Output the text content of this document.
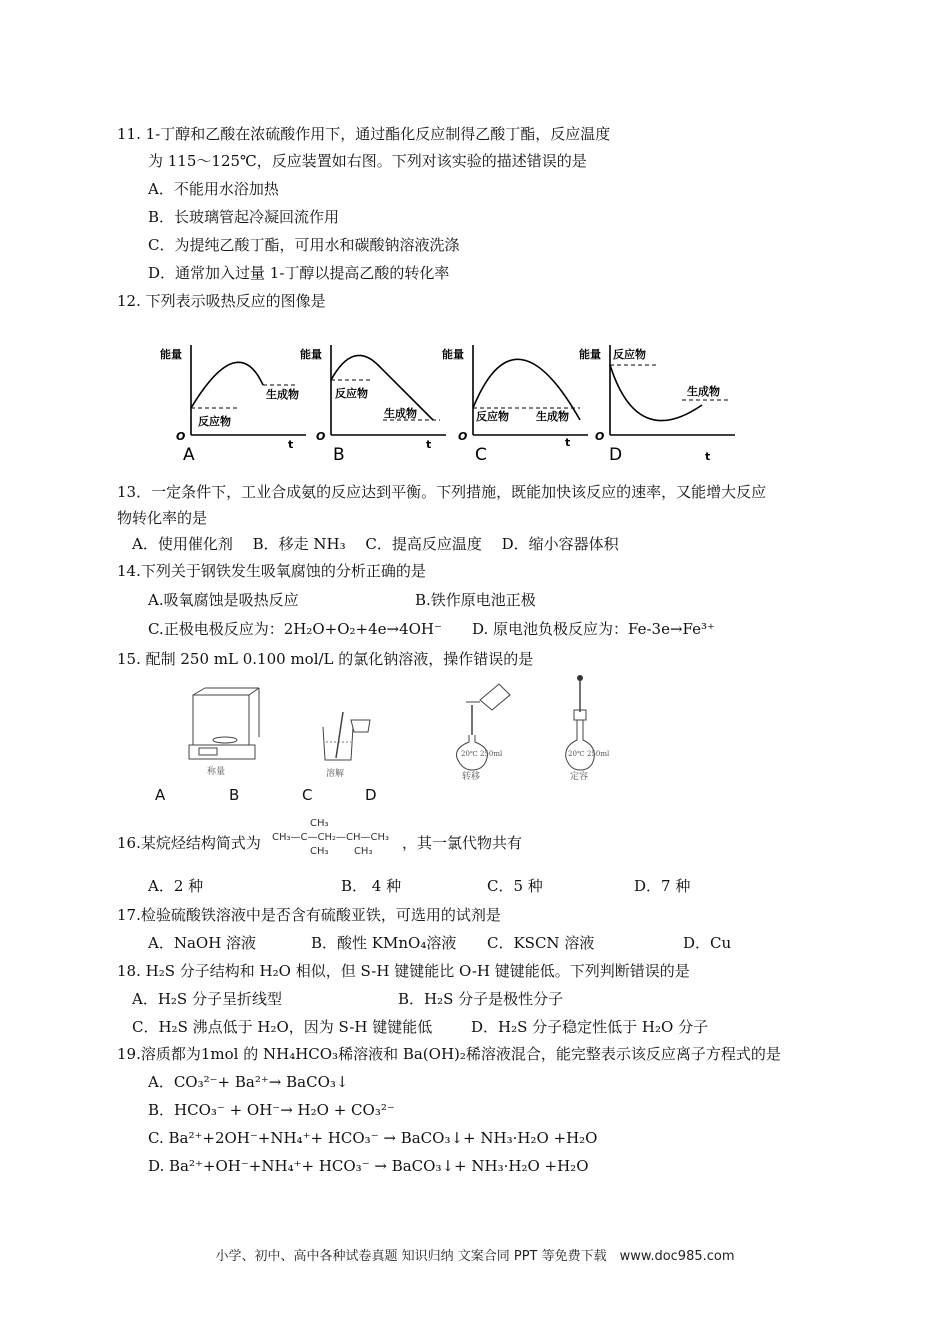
11. 1-丁醇和乙酸在浓硫酸作用下，通过酯化反应制得乙酸丁酯，反应温度
为 115～125℃，反应装置如右图。下列对该实验的描述错误的是
A．不能用水浴加热
B．长玻璃管起冷凝回流作用
C．为提纯乙酸丁酯，可用水和碳酸钠溶液洗涤
D．通常加入过量 1-丁醇以提高乙酸的转化率
12. 下列表示吸热反应的图像是
能量
反应物
生成物
O
t
A
能量
反应物
生成物
O
t
B
能量
反应物 生成物
O	t
C
能量 反应物
生成物
O
t
D
13．一定条件下，工业合成氨的反应达到平衡。下列措施，既能加快该反应的速率，又能增大反应
物转化率的是
A．使用催化剂　 B．移走 NH₃　 C．提高反应温度　 D．缩小容器体积
14.下列关于钢铁发生吸氧腐蚀的分析正确的是
A.吸氧腐蚀是吸热反应	B.铁作原电池正极
C.正极电极反应为：2H₂O+O₂+4e→4OH⁻ D. 原电池负极反应为：Fe-3e→Fe³⁺
15. 配制 250 mL 0.100 mol/L 的氯化钠溶液，操作错误的是
称量	溶解
20℃ 250ml
转移
20℃ 250ml
定容
A	B	C	D
16.某烷烃结构简式为
CH₃
CH₃—C—CH₂—CH—CH₃
CH₃        CH₃ ，其一氯代物共有
A．2 种	B． 4 种	C．5 种	D．7 种
17.检验硫酸铁溶液中是否含有硫酸亚铁，可选用的试剂是
A．NaOH 溶液	B．酸性 KMnO₄溶液 C．KSCN 溶液	D．Cu
18. H₂S 分子结构和 H₂O 相似，但 S-H 键键能比 O-H 键键能低。下列判断错误的是
A．H₂S 分子呈折线型	B．H₂S 分子是极性分子
C．H₂S 沸点低于 H₂O，因为 S-H 键键能低	D．H₂S 分子稳定性低于 H₂O 分子
19.溶质都为1mol 的 NH₄HCO₃稀溶液和 Ba(OH)₂稀溶液混合，能完整表示该反应离子方程式的是
A．CO₃²⁻+ Ba²⁺→ BaCO₃↓
B．HCO₃⁻ + OH⁻→ H₂O + CO₃²⁻
C. Ba²⁺+2OH⁻+NH₄⁺+ HCO₃⁻ → BaCO₃↓+ NH₃·H₂O +H₂O
D. Ba²⁺+OH⁻+NH₄⁺+ HCO₃⁻ → BaCO₃↓+ NH₃·H₂O +H₂O
小学、初中、高中各种试卷真题 知识归纳 文案合同 PPT 等免费下载　www.doc985.com
